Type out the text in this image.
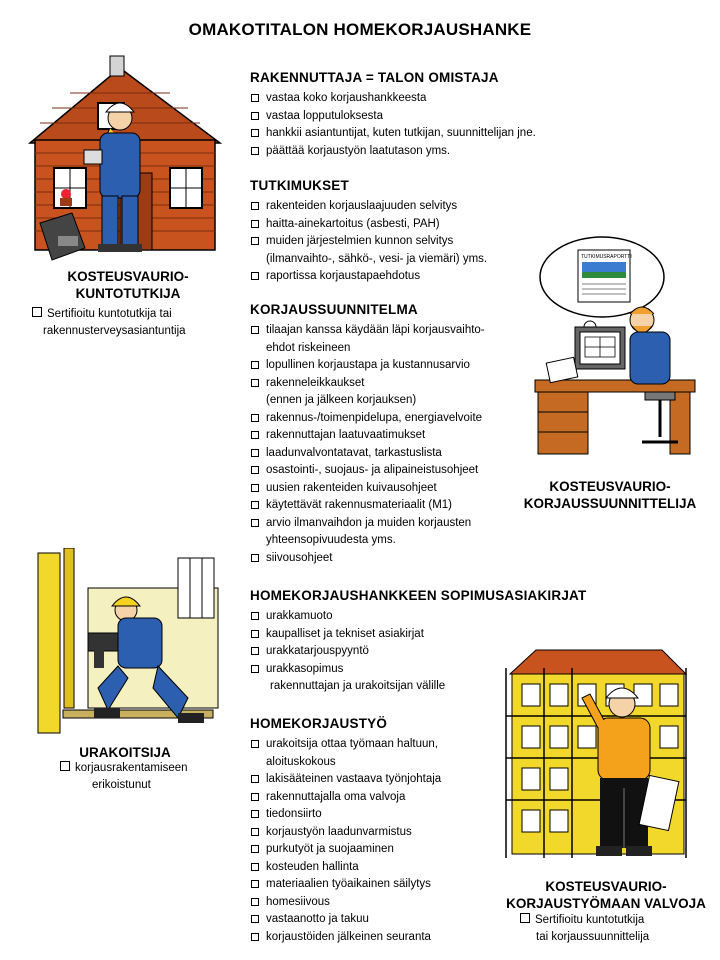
OMAKOTITALON HOMEKORJAUSHANKE
KOSTEUSVAURIO-
KUNTOTUTKIJA
Sertifioitu kuntotutkija tai
rakennusterveysasiantuntija
RAKENNUTTAJA = TALON OMISTAJA
vastaa koko korjaushankkeesta
vastaa lopputuloksesta
hankkii asiantuntijat, kuten tutkijan, suunnittelijan jne.
päättää korjaustyön laatutason yms.
TUTKIMUKSET
rakenteiden korjauslaajuuden selvitys
haitta-ainekartoitus (asbesti, PAH)
muiden järjestelmien kunnon selvitys
(ilmanvaihto-, sähkö-, vesi- ja viemäri) yms.
raportissa korjaustapaehdotus
TUTKIMUSRAPORTTI
KORJAUSSUUNNITELMA
tilaajan kanssa käydään läpi korjausvaihto-
ehdot riskeineen
lopullinen korjaustapa ja kustannusarvio
rakenneleikkaukset
(ennen ja jälkeen korjauksen)
rakennus-/toimenpidelupa, energiavelvoite
rakennuttajan laatuvaatimukset
laadunvalvontatavat, tarkastuslista
osastointi-, suojaus- ja alipaineistusohjeet
uusien rakenteiden kuivausohjeet
käytettävät rakennusmateriaalit (M1)
arvio ilmanvaihdon ja muiden korjausten
yhteensopivuudesta yms.
siivousohjeet
KOSTEUSVAURIO-
KORJAUSSUUNNITTELIJA
URAKOITSIJA
korjausrakentamiseen
erikoistunut
HOMEKORJAUSHANKKEEN SOPIMUSASIAKIRJAT
urakkamuoto
kaupalliset ja tekniset asiakirjat
urakkatarjouspyyntö
urakkasopimus
rakennuttajan ja urakoitsijan välille
HOMEKORJAUSTYÖ
urakoitsija ottaa työmaan haltuun,
aloituskokous
lakisääteinen vastaava työnjohtaja
rakennuttajalla oma valvoja
tiedonsiirto
korjaustyön laadunvarmistus
purkutyöt ja suojaaminen
kosteuden hallinta
materiaalien työaikainen säilytys
homesiivous
vastaanotto ja takuu
korjaustöiden jälkeinen seuranta
KOSTEUSVAURIO-
KORJAUSTYÖMAAN VALVOJA
Sertifioitu kuntotutkija
tai korjaussuunnittelija
